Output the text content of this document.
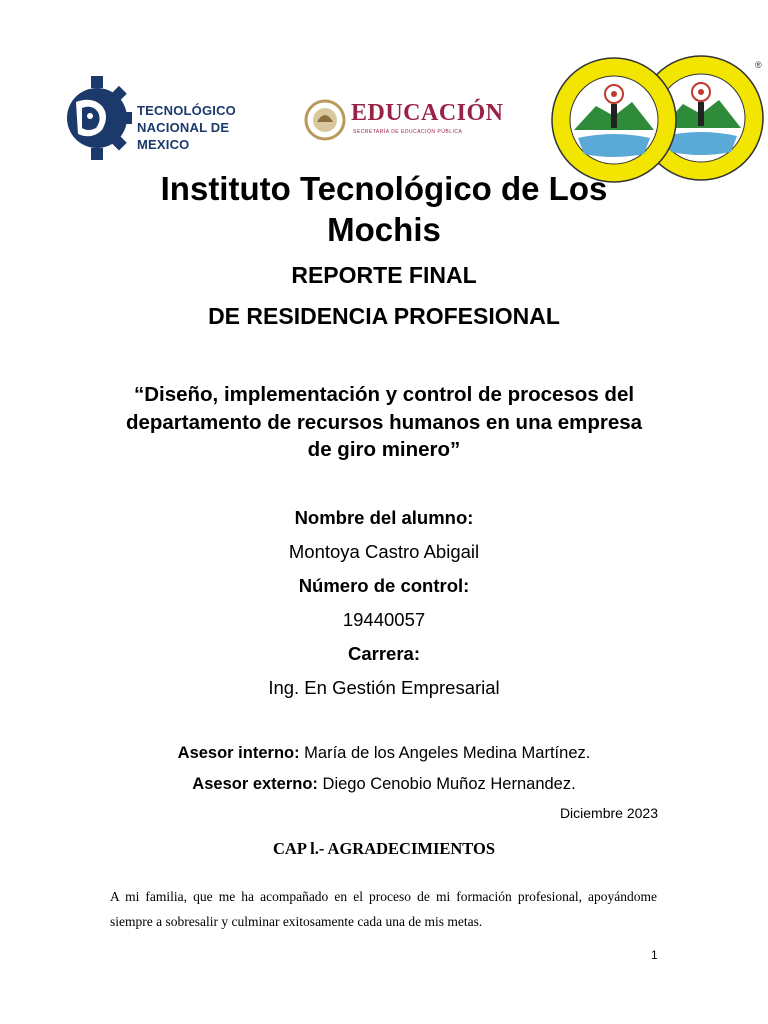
TECNOLÓGICO
NACIONAL DE MEXICO
EDUCACIÓN
SECRETARÍA DE EDUCACIÓN PÚBLICA
®
Instituto Tecnológico de Los
Mochis
REPORTE FINAL
DE RESIDENCIA PROFESIONAL
“Diseño, implementación y control de procesos del departamento de recursos humanos en una empresa de giro minero”
Nombre del alumno:
Montoya Castro Abigail
Número de control:
19440057
Carrera:
Ing. En Gestión Empresarial
Asesor interno: María de los Angeles Medina Martínez.
Asesor externo: Diego Cenobio Muñoz Hernandez.
Diciembre 2023
CAP l.- AGRADECIMIENTOS
A mi familia, que me ha acompañado en el proceso de mi formación profesional, apoyándome siempre a sobresalir y culminar exitosamente cada una de mis metas.
1
